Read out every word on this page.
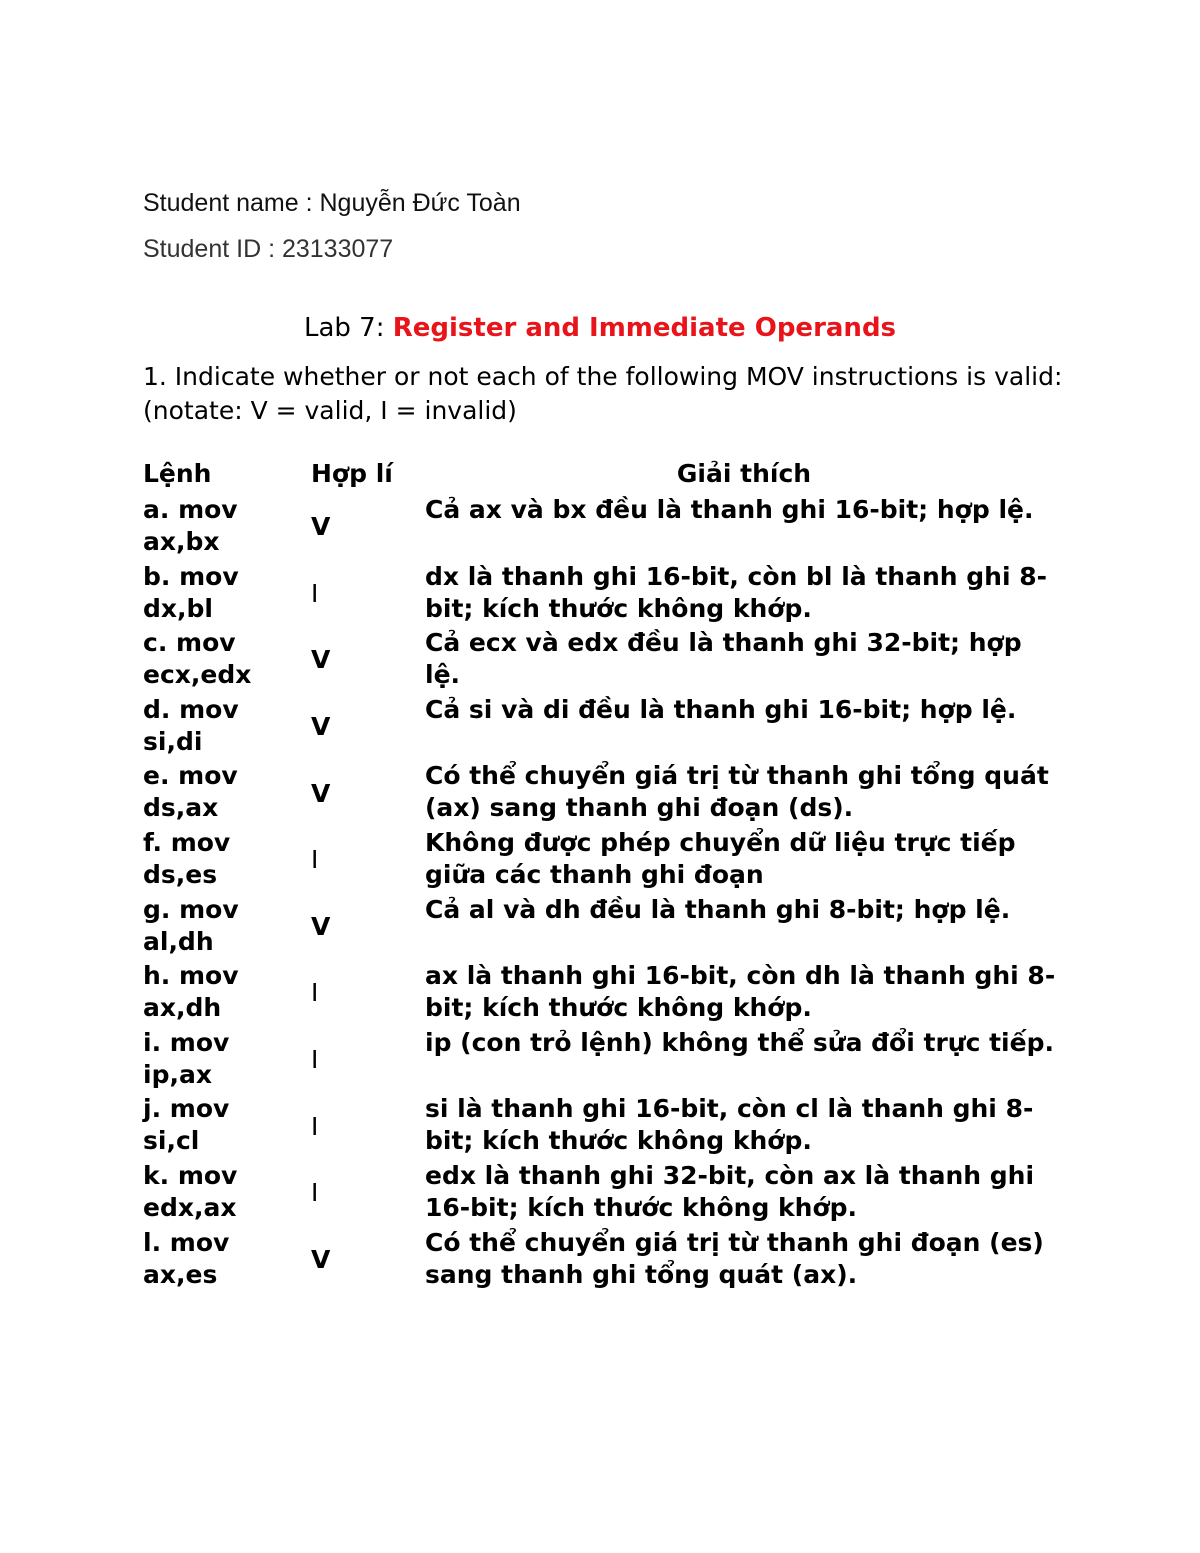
Student name : Nguyễn Đức Toàn
Student ID : 23133077
Lab 7: Register and Immediate Operands
1. Indicate whether or not each of the following MOV instructions is valid:(notate: V = valid, I = invalid)
Lệnh	Hợp lí	Giải thích
a. mov
ax,bx
V
Cả ax và bx đều là thanh ghi 16-bit; hợp lệ.
b. mov
dx,bl
I
dx là thanh ghi 16-bit, còn bl là thanh ghi 8-bit; kích thước không khớp.
c. mov
ecx,edx
V
Cả ecx và edx đều là thanh ghi 32-bit; hợp lệ.
d. mov
si,di
V
Cả si và di đều là thanh ghi 16-bit; hợp lệ.
e. mov
ds,ax
V
Có thể chuyển giá trị từ thanh ghi tổng quát (ax) sang thanh ghi đoạn (ds).
f. mov
ds,es
I
Không được phép chuyển dữ liệu trực tiếp giữa các thanh ghi đoạn
g. mov
al,dh
V
Cả al và dh đều là thanh ghi 8-bit; hợp lệ.
h. mov
ax,dh
I
ax là thanh ghi 16-bit, còn dh là thanh ghi 8-bit; kích thước không khớp.
i. mov
ip,ax
I
ip (con trỏ lệnh) không thể sửa đổi trực tiếp.
j. mov
si,cl
I
si là thanh ghi 16-bit, còn cl là thanh ghi 8-bit; kích thước không khớp.
k. mov
edx,ax
I
edx là thanh ghi 32-bit, còn ax là thanh ghi 16-bit; kích thước không khớp.
l. mov
ax,es
V
Có thể chuyển giá trị từ thanh ghi đoạn (es) sang thanh ghi tổng quát (ax).
